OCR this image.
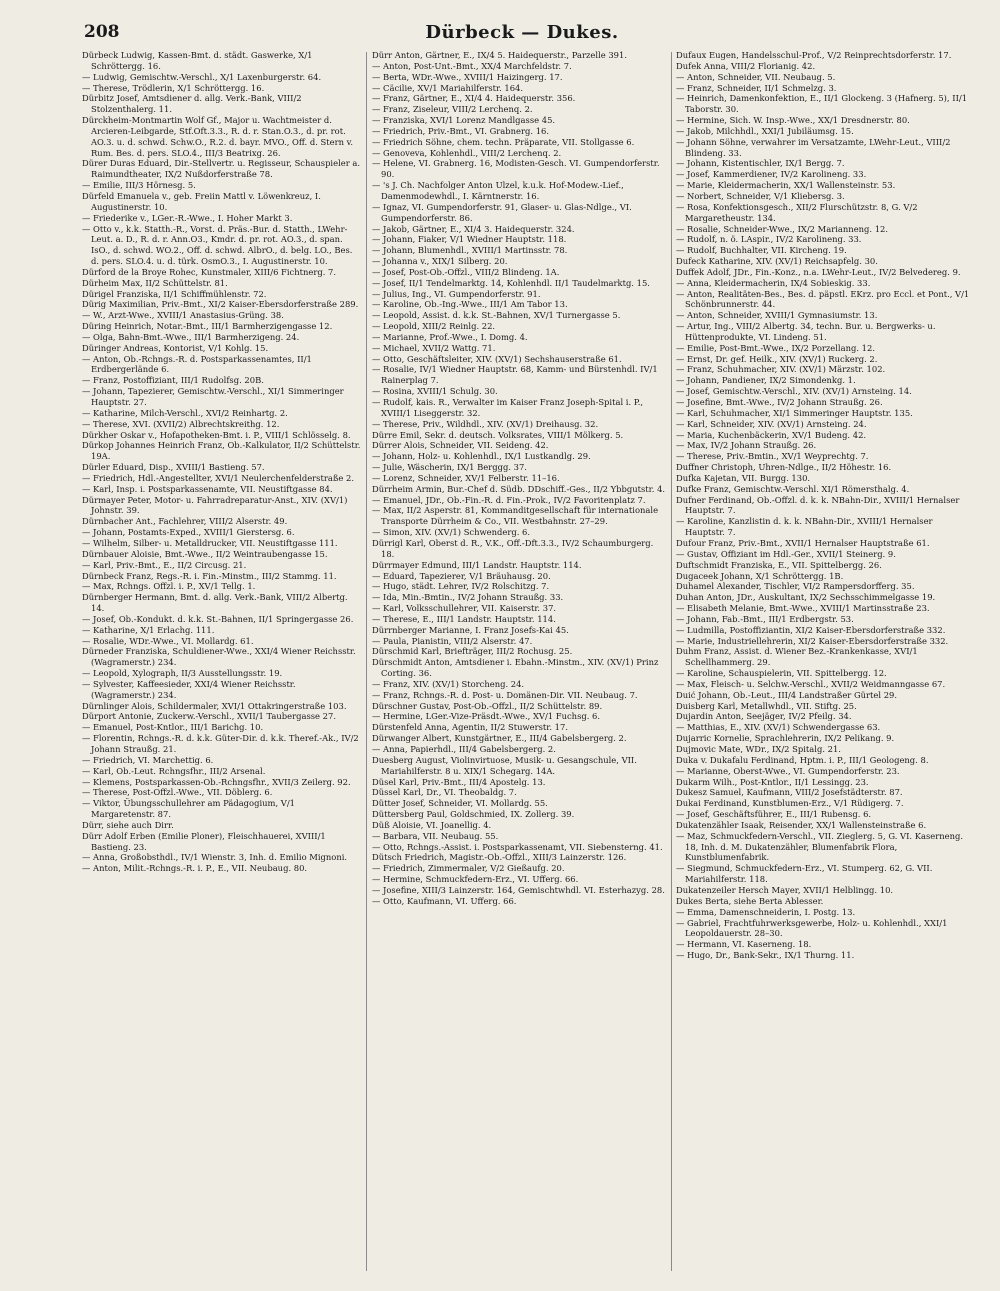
208	Dürbeck — Dukes.

Dürbeck Ludwig, Kassen-Bmt. d. städt. Gaswerke, X/1 Schröttergg. 16.

— Ludwig, Gemischtw.-Verschl., X/1 Laxenburgerstr. 64.

— Therese, Trödlerin, X/1 Schröttergg. 16.

Dürbitz Josef, Amtsdiener d. allg. Verk.-Bank, VIII/2 Stolzenthalerg. 11.

Dürckheim-Montmartin Wolf Gf., Major u. Wachtmeister d. Arcieren-Leibgarde, Stf.Oft.3.3., R. d. r. Stan.O.3., d. pr. rot. AO.3. u. d. schwd. Schw.O., R.2. d. bayr. MVO., Off. d. Stern v. Rum. Bes. d. pers. SLO.4., III/3 Beatrixg. 26.

Dürer Duras Eduard, Dir.-Stellvertr. u. Regisseur, Schauspieler a. Raimundtheater, IX/2 Nußdorferstraße 78.

— Emilie, III/3 Hörnesg. 5.

Dürfeld Emanuela v., geb. Freiin Mattl v. Löwenkreuz, I. Augustinerstr. 10.

— Friederike v., LGer.-R.-Wwe., I. Hoher Markt 3.

— Otto v., k.k. Statth.-R., Vorst. d. Präs.-Bur. d. Statth., LWehr-Leut. a. D., R. d. r. Ann.O3., Kmdr. d. pr. rot. AO.3., d. span. IsO., d. schwd. WO.2., Off. d. schwd. AlbrO., d. belg. LO., Bes. d. pers. SLO.4. u. d. türk. OsmO.3., I. Augustinerstr. 10.

Dürford de la Broye Rohec, Kunstmaler, XIII/6 Fichtnerg. 7.

Dürheim Max, II/2 Schüttelstr. 81.

Dürigel Franziska, II/1 Schiffmühlenstr. 72.

Dürig Maximilian, Priv.-Bmt., XI/2 Kaiser-Ebersdorferstraße 289.

— W., Arzt-Wwe., XVIII/1 Anastasius-Grüng. 38.

Düring Heinrich, Notar.-Bmt., III/1 Barmherzigengasse 12.

— Olga, Bahn-Bmt.-Wwe., III/1 Barmherzigeng. 24.

Düringer Andreas, Kontorist, V/1 Kohlg. 15.

— Anton, Ob.-Rchngs.-R. d. Postsparkassenamtes, II/1 Erdbergerlände 6.

— Franz, Postoffiziant, III/1 Rudolfsg. 20B.

— Johann, Tapezierer, Gemischtw.-Verschl., XI/1 Simmeringer Hauptstr. 27.

— Katharine, Milch-Verschl., XVI/2 Reinhartg. 2.

— Therese, XVI. (XVII/2) Albrechtskreithg. 12.

Dürkher Oskar v., Hofapotheken-Bmt. i. P., VIII/1 Schlösselg. 8.

Dürkop Johannes Heinrich Franz, Ob.-Kalkulator, II/2 Schüttelstr. 19A.

Dürler Eduard, Disp., XVIII/1 Bastieng. 57.

— Friedrich, Hdl.-Angestellter, XVI/1 Neulerchenfelderstraße 2.

— Karl, Insp. i. Postsparkassenamte, VII. Neustiftgasse 84.

Dürmayer Peter, Motor- u. Fahrradreparatur-Anst., XIV. (XV/1) Johnstr. 39.

Dürnbacher Ant., Fachlehrer, VIII/2 Alserstr. 49.

— Johann, Postamts-Exped., XVIII/1 Gierstersg. 6.

— Wilhelm, Silber- u. Metalldrucker, VII. Neustiftgasse 111.

Dürnbauer Aloisie, Bmt.-Wwe., II/2 Weintraubengasse 15.

— Karl, Priv.-Bmt., E., II/2 Circusg. 21.

Dürnbeck Franz, Regs.-R. i. Fin.-Minstm., III/2 Stammg. 11.

— Max, Rchngs. Offzl. i. P., XV/1 Tellg. 1.

Dürnberger Hermann, Bmt. d. allg. Verk.-Bank, VIII/2 Albertg. 14.

— Josef, Ob.-Kondukt. d. k.k. St.-Bahnen, II/1 Springergasse 26.

— Katharine, X/1 Erlachg. 111.

— Rosalie, WDr.-Wwe., VI. Mollardg. 61.

Dürneder Franziska, Schuldiener-Wwe., XXI/4 Wiener Reichsstr. (Wagramerstr.) 234.

— Leopold, Xylograph, II/3 Ausstellungsstr. 19.

— Sylvester, Kaffeesieder, XXI/4 Wiener Reichsstr. (Wagramerstr.) 234.

Dürnlinger Alois, Schildermaler, XVI/1 Ottakringerstraße 103.

Dürport Antonie, Zuckerw.-Verschl., XVII/1 Taubergasse 27.

— Emanuel, Post-Kntlor., III/1 Barichg. 10.

— Florentin, Rchngs.-R. d. k.k. Güter-Dir. d. k.k. Theref.-Ak., IV/2 Johann Straußg. 21.

— Friedrich, VI. Marchettig. 6.

— Karl, Ob.-Leut. Rchngsfhr., III/2 Arsenal.

— Klemens, Postsparkassen-Ob.-Rchngsfhr., XVII/3 Zeilerg. 92.

— Therese, Post-Offzl.-Wwe., VII. Döblerg. 6.

— Viktor, Übungsschullehrer am Pädagogium, V/1 Margaretenstr. 87.

Dürr, siehe auch Dirr.

Dürr Adolf Erben (Emilie Ploner), Fleischhauerei, XVIII/1 Bastieng. 23.

— Anna, Großobsthdl., IV/1 Wienstr. 3, Inh. d. Emilio Mignoni.

— Anton, Milit.-Rchngs.-R. i. P., E., VII. Neubaug. 80.

Dürr Anton, Gärtner, E., IX/4 5. Haidequerstr., Parzelle 391.

— Anton, Post-Unt.-Bmt., XX/4 Marchfeldstr. 7.

— Berta, WDr.-Wwe., XVIII/1 Haizingerg. 17.

— Cäcilie, XV/1 Mariahilferstr. 164.

— Franz, Gärtner, E., XI/4 4. Haidequerstr. 356.

— Franz, Ziseleur, VIII/2 Lerchenq. 2.

— Franziska, XVI/1 Lorenz Mandlgasse 45.

— Friedrich, Priv.-Bmt., VI. Grabnerg. 16.

— Friedrich Söhne, chem. techn. Präparate, VII. Stollgasse 6.

— Genoveva, Kohlenhdl., VIII/2 Lerchenq. 2.

— Helene, VI. Grabnerg. 16, Modisten-Gesch. VI. Gumpendorferstr. 90.

— 's J. Ch. Nachfolger Anton Ulzel, k.u.k. Hof-Modew.-Lief., Damenmodewhdl., I. Kärntnerstr. 16.

— Ignaz, VI. Gumpendorferstr. 91, Glaser- u. Glas-Ndlge., VI. Gumpendorferstr. 86.

— Jakob, Gärtner, E., XI/4 3. Haidequerstr. 324.

— Johann, Fiaker, V/1 Wiedner Hauptstr. 118.

— Johann, Blumenhdl., XVIII/1 Martinsstr. 78.

— Johanna v., XIX/1 Silberg. 20.

— Josef, Post-Ob.-Offzl., VIII/2 Blindeng. 1A.

— Josef, II/1 Tendelmarktg. 14, Kohlenhdl. II/1 Taudelmarktg. 15.

— Julius, Ing., VI. Gumpendorferstr. 91.

— Karoline, Ob.-Ing.-Wwe., III/1 Am Tabor 13.

— Leopold, Assist. d. k.k. St.-Bahnen, XV/1 Turnergasse 5.

— Leopold, XIII/2 Reinlg. 22.

— Marianne, Prof.-Wwe., I. Domg. 4.

— Michael, XVII/2 Wattg. 71.

— Otto, Geschäftsleiter, XIV. (XV/1) Sechshauserstraße 61.

— Rosalie, IV/1 Wiedner Hauptstr. 68, Kamm- und Bürstenhdl. IV/1 Rainerplag 7.

— Rosina, XVIII/1 Schulg. 30.

— Rudolf, kais. R., Verwalter im Kaiser Franz Joseph-Spital i. P., XVIII/1 Liseggerstr. 32.

— Therese, Priv., Wildhdl., XIV. (XV/1) Dreihausg. 32.

Dürre Emil, Sekr. d. deutsch. Volksrates, VIII/1 Mölkerg. 5.

Dürrer Alois, Schneider, VII. Seideng. 42.

— Johann, Holz- u. Kohlenhdl., IX/1 Lustkandlg. 29.

— Julie, Wäscherin, IX/1 Berggg. 37.

— Lorenz, Schneider, XV/1 Felberstr. 11–16.

Dürrheim Armin, Bur.-Chef d. Südb. DDschiff.-Ges., II/2 Ybbgutstr. 4.

— Emanuel, JDr., Ob.-Fin.-R. d. Fin.-Prok., IV/2 Favoritenplatz 7.

— Max, II/2 Asperstr. 81, Kommanditgesellschaft für internationale Transporte Dürrheim & Co., VII. Westbahnstr. 27–29.

— Simon, XIV. (XV/1) Schwenderg. 6.

Dürrigl Karl, Oberst d. R., V.K., Off.-Dft.3.3., IV/2 Schaumburgerg. 18.

Dürrmayer Edmund, III/1 Landstr. Hauptstr. 114.

— Eduard, Tapezierer, V/1 Bräuhausg. 20.

— Hugo, städt. Lehrer, IV/2 Rolschitzg. 7.

— Ida, Min.-Bmtin., IV/2 Johann Straußg. 33.

— Karl, Volksschullehrer, VII. Kaiserstr. 37.

— Therese, E., III/1 Landstr. Hauptstr. 114.

Dürrnberger Marianne, I. Franz Josefs-Kai 45.

— Paula, Pianistin, VIII/2 Alserstr. 47.

Dürschmid Karl, Briefträger, III/2 Rochusg. 25.

Dürschmidt Anton, Amtsdiener i. Ebahn.-Minstm., XIV. (XV/1) Prinz Corting. 36.

— Franz, XIV. (XV/1) Storcheng. 24.

— Franz, Rchngs.-R. d. Post- u. Domänen-Dir. VII. Neubaug. 7.

Dürschner Gustav, Post-Ob.-Offzl., II/2 Schüttelstr. 89.

— Hermine, LGer.-Vize-Präsdt.-Wwe., XV/1 Fuchsg. 6.

Dürstenfeld Anna, Agentin, II/2 Stuwerstr. 17.

Dürwanger Albert, Kunstgärtner, E., III/4 Gabelsbergerg. 2.

— Anna, Papierhdl., III/4 Gabelsbergerg. 2.

Duesberg August, Violinvirtuose, Musik- u. Gesangschule, VII. Mariahilferstr. 8 u. XIX/1 Schegarg. 14A.

Düsel Karl, Priv.-Bmt., III/4 Apostelg. 13.

Düssel Karl, Dr., VI. Theobaldg. 7.

Dütter Josef, Schneider, VI. Mollardg. 55.

Düttersberg Paul, Goldschmied, IX. Zollerg. 39.

Düß Aloisie, VI. Joanellig. 4.

— Barbara, VII. Neubaug. 55.

— Otto, Rchngs.-Assist. i. Postsparkassenamt, VII. Siebensterng. 41.

Dütsch Friedrich, Magistr.-Ob.-Offzl., XIII/3 Lainzerstr. 126.

— Friedrich, Zimmermaler, V/2 Gießaufg. 20.

— Hermine, Schmuckfedern-Erz., VI. Ufferg. 66.

— Josefine, XIII/3 Lainzerstr. 164, Gemischtwhdl. VI. Esterhazyg. 28.

— Otto, Kaufmann, VI. Ufferg. 66.

Dufaux Eugen, Handelsschul-Prof., V/2 Reinprechtsdorferstr. 17.

Dufek Anna, VIII/2 Florianig. 42.

— Anton, Schneider, VII. Neubaug. 5.

— Franz, Schneider, II/1 Schmelzg. 3.

— Heinrich, Damenkonfektion, E., II/1 Glockeng. 3 (Hafnerg. 5), II/1 Taborstr. 30.

— Hermine, Sich. W. Insp.-Wwe., XX/1 Dresdnerstr. 80.

— Jakob, Milchhdl., XXI/1 Jubiläumsg. 15.

— Johann Söhne, verwahrer im Versatzamte, LWehr-Leut., VIII/2 Blindeng. 33.

— Johann, Kistentischler, IX/1 Bergg. 7.

— Josef, Kammerdiener, IV/2 Karolineng. 33.

— Marie, Kleidermacherin, XX/1 Wallensteinstr. 53.

— Norbert, Schneider, V/1 Kliebersg. 3.

— Rosa, Konfektionsgesch., XII/2 Flurschützstr. 8, G. V/2 Margaretheustr. 134.

— Rosalie, Schneider-Wwe., IX/2 Marianneng. 12.

— Rudolf, n. ö. LAspir., IV/2 Karolineng. 33.

— Rudolf, Buchhalter, VII. Kircheng. 19.

Dufeck Katharine, XIV. (XV/1) Reichsapfelg. 30.

Duffek Adolf, JDr., Fin.-Konz., n.a. LWehr-Leut., IV/2 Belvedereg. 9.

— Anna, Kleidermacherin, IX/4 Sobieskig. 33.

— Anton, Realitäten-Bes., Bes. d. päpstl. EKrz. pro Eccl. et Pont., V/1 Schönbrunnerstr. 44.

— Anton, Schneider, XVIII/1 Gymnasiumstr. 13.

— Artur, Ing., VIII/2 Albertg. 34, techn. Bur. u. Bergwerks- u. Hüttenprodukte, VI. Lindeng. 51.

— Emilie, Post-Bmt.-Wwe., IX/2 Porzellang. 12.

— Ernst, Dr. gef. Heilk., XIV. (XV/1) Ruckerg. 2.

— Franz, Schuhmacher, XIV. (XV/1) Märzstr. 102.

— Johann, Pandiener, IX/2 Simondenkg. 1.

— Josef, Gemischtw.-Verschl., XIV. (XV/1) Arnsteing. 14.

— Josefine, Bmt.-Wwe., IV/2 Johann Straußg. 26.

— Karl, Schuhmacher, XI/1 Simmeringer Hauptstr. 135.

— Karl, Schneider, XIV. (XV/1) Arnsteing. 24.

— Maria, Kuchenbäckerin, XV/1 Budeng. 42.

— Max, IV/2 Johann Straußg. 26.

— Therese, Priv.-Bmtin., XV/1 Weyprechtg. 7.

Duffner Christoph, Uhren-Ndlge., II/2 Höhestr. 16.

Dufka Kajetan, VII. Burgg. 130.

Dufke Franz, Gemischtw.-Verschl. XI/1 Römersthalg. 4.

Dufner Ferdinand, Ob.-Offzl. d. k. k. NBahn-Dir., XVIII/1 Hernalser Hauptstr. 7.

— Karoline, Kanzlistin d. k. k. NBahn-Dir., XVIII/1 Hernalser Hauptstr. 7.

Dufour Franz, Priv.-Bmt., XVII/1 Hernalser Hauptstraße 61.

— Gustav, Offiziant im Hdl.-Ger., XVII/1 Steinerg. 9.

Duftschmidt Franziska, E., VII. Spittelbergg. 26.

Dugaceek Johann, X/1 Schröttergg. 1B.

Duhamel Alexander, Tischler, VI/2 Rampersdorfferg. 35.

Duhan Anton, JDr., Auskultant, IX/2 Sechsschimmelgasse 19.

— Elisabeth Melanie, Bmt.-Wwe., XVIII/1 Martinsstraße 23.

— Johann, Fab.-Bmt., III/1 Erdbergstr. 53.

— Ludmilla, Postoffiziantin, XI/2 Kaiser-Ebersdorferstraße 332.

— Marie, Industriellehrerin, XI/2 Kaiser-Ebersdorferstraße 332.

Duhm Franz, Assist. d. Wiener Bez.-Krankenkasse, XVI/1 Schellhammerg. 29.

— Karoline, Schauspielerin, VII. Spittelbergg. 12.

— Max, Fleisch- u. Selchw.-Verschl., XVII/2 Weidmanngasse 67.

Duić Johann, Ob.-Leut., III/4 Landstraßer Gürtel 29.

Duisberg Karl, Metallwhdl., VII. Stiftg. 25.

Dujardin Anton, Seejäger, IV/2 Pfeilg. 34.

— Matthias, E., XIV. (XV/1) Schwendergasse 63.

Dujarric Kornelie, Sprachlehrerin, IX/2 Pelikang. 9.

Dujmovic Mate, WDr., IX/2 Spitalg. 21.

Duka v. Dukafalu Ferdinand, Hptm. i. P., III/1 Geologeng. 8.

— Marianne, Oberst-Wwe., VI. Gumpendorferstr. 23.

Dukarm Wilh., Post-Kntlor., II/1 Lessingg. 23.

Dukesz Samuel, Kaufmann, VIII/2 Josefstädterstr. 87.

Dukai Ferdinand, Kunstblumen-Erz., V/1 Rüdigerg. 7.

— Josef, Geschäftsführer, E., III/1 Rubensg. 6.

Dukatenzähler Isaak, Reisender, XX/1 Wallensteinstraße 6.

— Maz, Schmuckfedern-Verschl., VII. Zieglerg. 5, G. VI. Kaserneng. 18, Inh. d. M. Dukatenzähler, Blumenfabrik Flora, Kunstblumenfabrik.

— Siegmund, Schmuckfedern-Erz., VI. Stumperg. 62, G. VII. Mariahilferstr. 118.

Dukatenzeiler Hersch Mayer, XVII/1 Helblingg. 10.

Dukes Berta, siehe Berta Ablesser.

— Emma, Damenschneiderin, I. Postg. 13.

— Gabriel, Frachtfuhrwerksgewerbe, Holz- u. Kohlenhdl., XXI/1 Leopoldauerstr. 28–30.

— Hermann, VI. Kaserneng. 18.

— Hugo, Dr., Bank-Sekr., IX/1 Thurng. 11.
